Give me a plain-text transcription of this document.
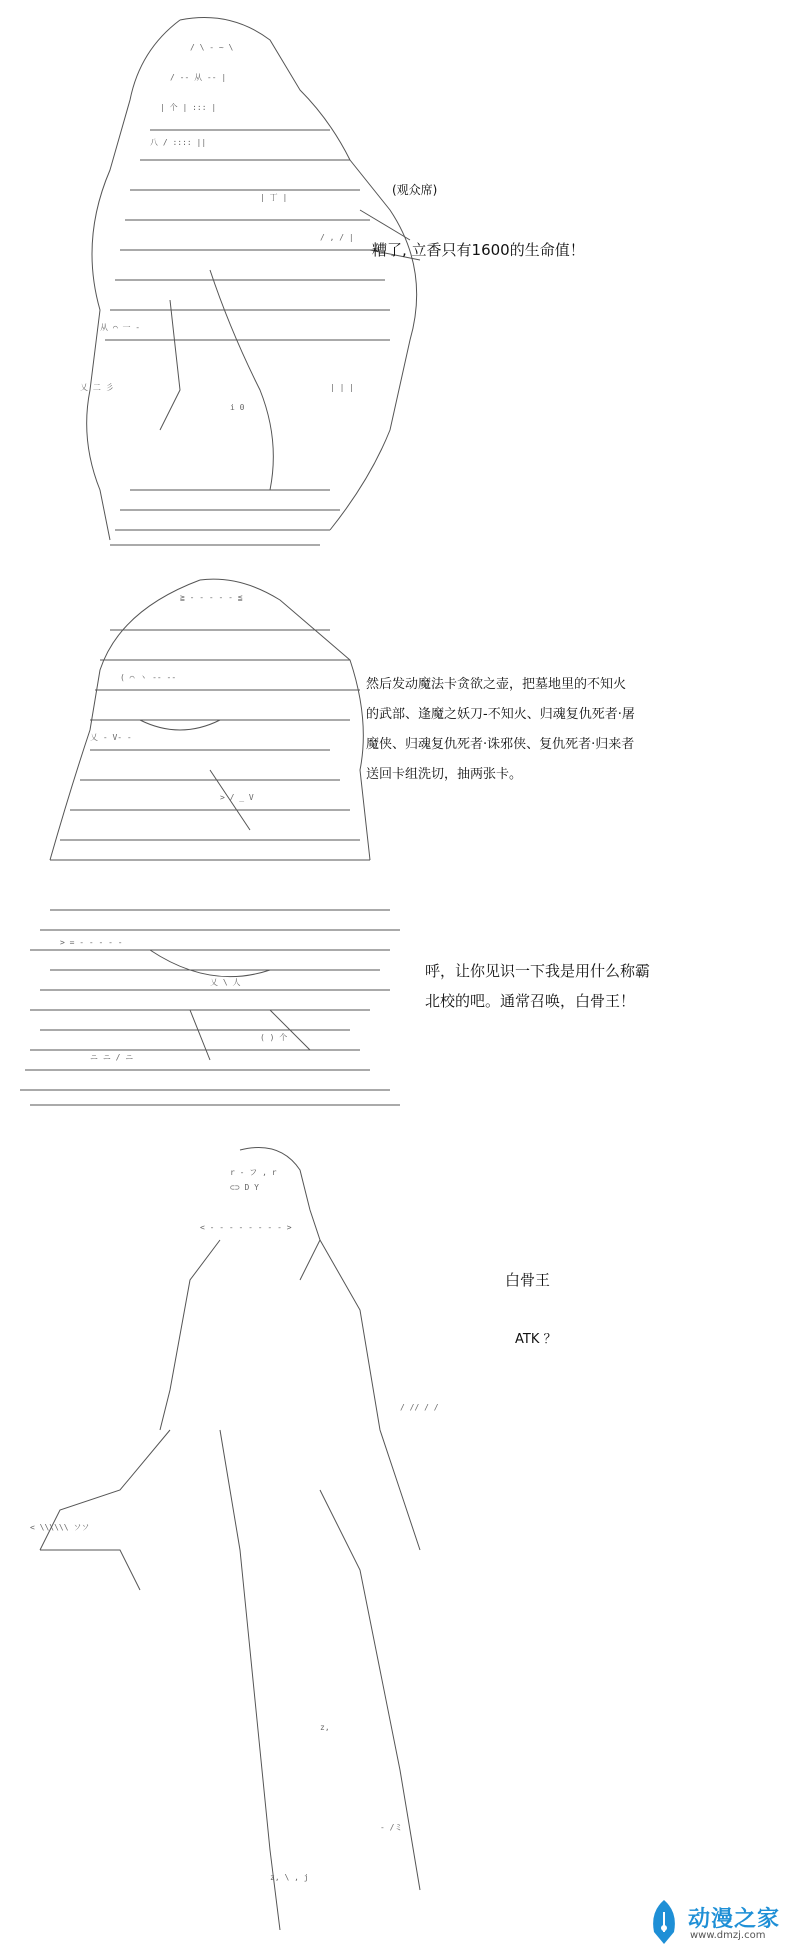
/ \ - ~ \
/ -- 从 -- |
| 个 | ::: |
八 / :::: ||
| 丁 |
/ , / |
从 ⌒ 一 -
乂 二 彡
i 0
| | |

(观众席)

糟了, 立香只有1600的生命值！

≧ - - - - - ≦
( ⌒ ヽ -- --
乂 ‐ V‐ ‐
> / _ V
然后发动魔法卡贪欲之壶，把墓地里的不知火
的武部、逢魔之妖刀-不知火、归魂复仇死者·屠
魔侠、归魂复仇死者·诛邪侠、复仇死者·归来者
送回卡组洗切，抽两张卡。
> = - - - - -
乂 \ 人
( ) 个
ニ ニ / ニ
呼，让你见识一下我是用什么称霸
北校的吧。通常召唤，白骨王！
r ‐ フ , r
⊂⊃ D Y
< - - - - - - - - >
< \\\\\\ ソソ
/ // / /
z,
‐ /ミ
z, \ , j

白骨王

ATK ？

动漫之家
www.dmzj.com
